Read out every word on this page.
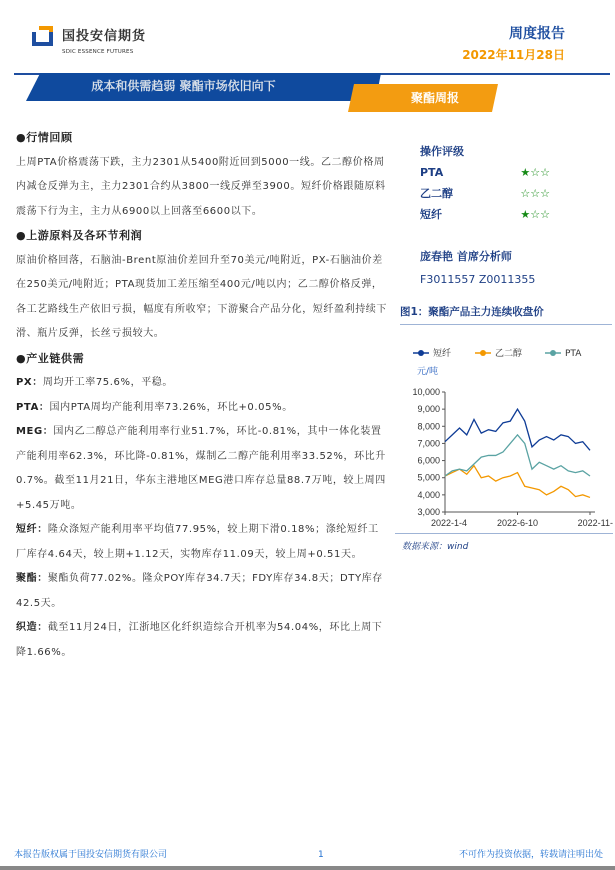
国投安信期货
SDIC ESSENCE FUTURES
周度报告
2022年11月28日
成本和供需趋弱 聚酯市场依旧向下
聚酯周报
●行情回顾
上周PTA价格震荡下跌，主力2301从5400附近回到5000一线。乙二醇价格周内减仓反弹为主，主力2301合约从3800一线反弹至3900。短纤价格跟随原料震荡下行为主，主力从6900以上回落至6600以下。
●上游原料及各环节利润
原油价格回落，石脑油-Brent原油价差回升至70美元/吨附近，PX-石脑油价差在250美元/吨附近；PTA现货加工差压缩至400元/吨以内；乙二醇价格反弹，各工艺路线生产依旧亏损，幅度有所收窄；下游聚合产品分化，短纤盈利持续下滑、瓶片反弹，长丝亏损较大。
●产业链供需
PX：周均开工率75.6%，平稳。
PTA：国内PTA周均产能利用率73.26%，环比+0.05%。
MEG：国内乙二醇总产能利用率行业51.7%，环比-0.81%，其中一体化装置产能利用率62.3%，环比降-0.81%，煤制乙二醇产能利用率33.52%，环比升0.7%。截至11月21日，华东主港地区MEG港口库存总量88.7万吨，较上周四+5.45万吨。
短纤：隆众涤短产能利用率平均值77.95%，较上期下滑0.18%；涤纶短纤工厂库存4.64天，较上期+1.12天，实物库存11.09天，较上周+0.51天。
聚酯：聚酯负荷77.02%。隆众POY库存34.7天；FDY库存34.8天；DTY库存42.5天。
织造：截至11月24日，江浙地区化纤织造综合开机率为54.04%，环比上周下降1.66%。
操作评级
PTA	★☆☆
乙二醇	☆☆☆
短纤	★☆☆
庞春艳 首席分析师
F3011557 Z0011355
图1：聚酯产品主力连续收盘价
3,000
4,000
5,000
6,000
7,000
8,000
9,000
10,000
2022-1-4	2022-6-10	2022-11-
元/吨
短纤	乙二醇	PTA
数据来源：wind
本报告版权属于国投安信期货有限公司	1	不可作为投资依据，转载请注明出处
